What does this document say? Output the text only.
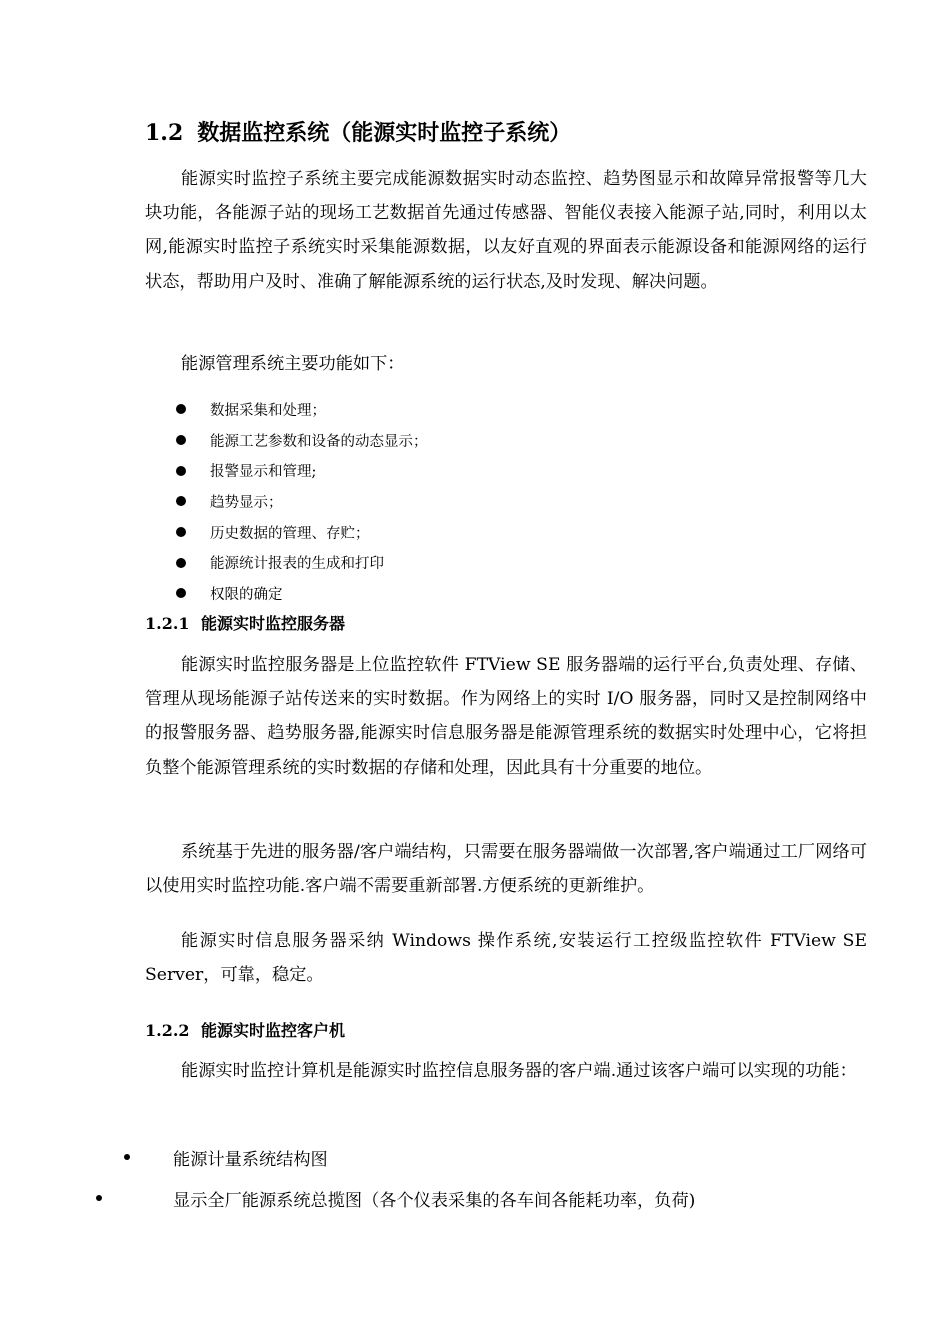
1.2 数据监控系统（能源实时监控子系统）

能源实时监控子系统主要完成能源数据实时动态监控、趋势图显示和故障异常报警等几大块功能，各能源子站的现场工艺数据首先通过传感器、智能仪表接入能源子站,同时，利用以太网,能源实时监控子系统实时采集能源数据，以友好直观的界面表示能源设备和能源网络的运行状态，帮助用户及时、准确了解能源系统的运行状态,及时发现、解决问题。

能源管理系统主要功能如下：

数据采集和处理；
能源工艺参数和设备的动态显示；
报警显示和管理;
趋势显示；
历史数据的管理、存贮；
能源统计报表的生成和打印
权限的确定
1.2.1 能源实时监控服务器

能源实时监控服务器是上位监控软件 FTView SE 服务器端的运行平台,负责处理、存储、管理从现场能源子站传送来的实时数据。作为网络上的实时 I/O 服务器，同时又是控制网络中的报警服务器、趋势服务器,能源实时信息服务器是能源管理系统的数据实时处理中心，它将担负整个能源管理系统的实时数据的存储和处理，因此具有十分重要的地位。

系统基于先进的服务器/客户端结构，只需要在服务器端做一次部署,客户端通过工厂网络可以使用实时监控功能.客户端不需要重新部署.方便系统的更新维护。

能源实时信息服务器采纳 Windows 操作系统,安装运行工控级监控软件 FTView SE Server，可靠，稳定。

1.2.2 能源实时监控客户机

能源实时监控计算机是能源实时监控信息服务器的客户端.通过该客户端可以实现的功能：

能源计量系统结构图
显示全厂能源系统总揽图（各个仪表采集的各车间各能耗功率，负荷)
